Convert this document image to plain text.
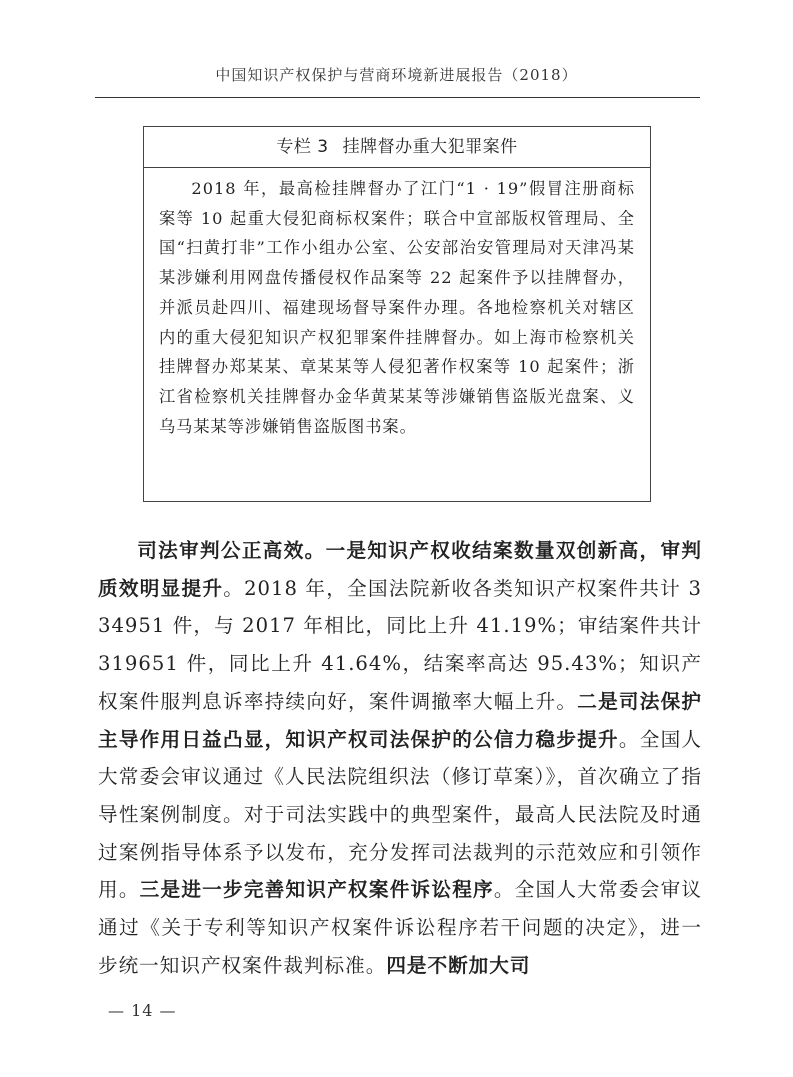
中国知识产权保护与营商环境新进展报告（2018）
专栏 3 挂牌督办重大犯罪案件
2018 年，最高检挂牌督办了江门“1 · 19”假冒注册商标案等 10 起重大侵犯商标权案件；联合中宣部版权管理局、全国“扫黄打非”工作小组办公室、公安部治安管理局对天津冯某某涉嫌利用网盘传播侵权作品案等 22 起案件予以挂牌督办，并派员赴四川、福建现场督导案件办理。各地检察机关对辖区内的重大侵犯知识产权犯罪案件挂牌督办。如上海市检察机关挂牌督办郑某某、章某某等人侵犯著作权案等 10 起案件；浙江省检察机关挂牌督办金华黄某某等涉嫌销售盗版光盘案、义乌马某某等涉嫌销售盗版图书案。

司法审判公正高效。一是知识产权收结案数量双创新高，审判质效明显提升。2018 年，全国法院新收各类知识产权案件共计 334951 件，与 2017 年相比，同比上升 41.19%；审结案件共计 319651 件，同比上升 41.64%，结案率高达 95.43%；知识产权案件服判息诉率持续向好，案件调撤率大幅上升。二是司法保护主导作用日益凸显，知识产权司法保护的公信力稳步提升。全国人大常委会审议通过《人民法院组织法（修订草案）》，首次确立了指导性案例制度。对于司法实践中的典型案件，最高人民法院及时通过案例指导体系予以发布，充分发挥司法裁判的示范效应和引领作用。三是进一步完善知识产权案件诉讼程序。全国人大常委会审议通过《关于专利等知识产权案件诉讼程序若干问题的决定》，进一步统一知识产权案件裁判标准。四是不断加大司

— 14 —
